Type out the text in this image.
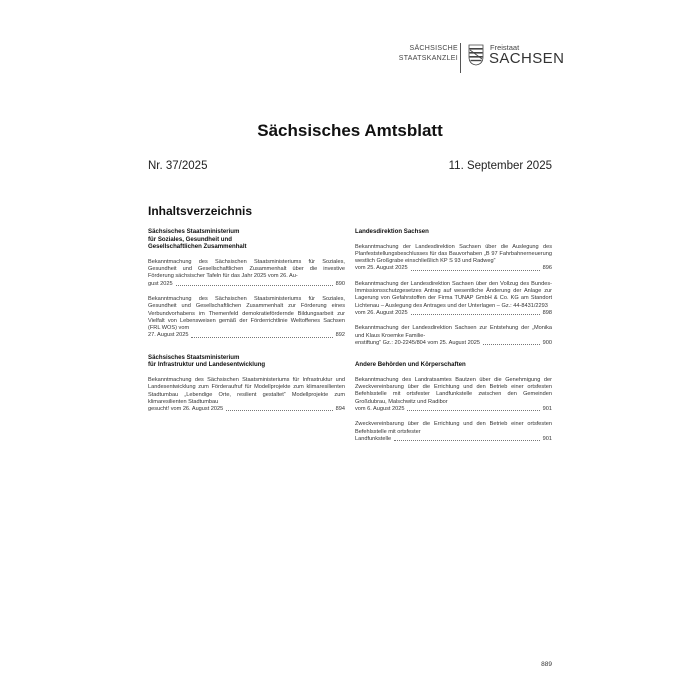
SÄCHSISCHE
STAATSKANZLEI
Freistaat
SACHSEN
Sächsisches Amtsblatt
Nr. 37/2025	11. September 2025
Inhaltsverzeichnis
Sächsisches Staatsministerium
für Soziales, Gesundheit und
Gesellschaftlichen Zusammenhalt
Bekanntmachung des Sächsischen Staatsministeriums für Soziales, Gesundheit und Gesellschaftlichen Zusammenhalt über die investive Förderung sächsischer Tafeln für das Jahr 2025 vom 26. Au-
gust 2025	890
Bekanntmachung des Sächsischen Staatsministeriums für Soziales, Gesundheit und Gesellschaftlichen Zusammenhalt zur Förderung eines Verbundvorhabens im Themenfeld demokratiefördernde Bildungsarbeit zur Vielfalt von Lebensweisen gemäß der Förderrichtlinie Weltoffenes Sachsen (FRL WOS) vom
27. August 2025	892
Sächsisches Staatsministerium
für Infrastruktur und Landesentwicklung
Bekanntmachung des Sächsischen Staatsministeriums für Infrastruktur und Landesentwicklung zum Förderaufruf für Modellprojekte zum klimaresilienten Stadtumbau „Lebendige Orte, resilient gestaltet“ Modellprojekte zum klimaresilienten Stadtumbau
gesucht! vom 26. August 2025	894
Landesdirektion Sachsen
Bekanntmachung der Landesdirektion Sachsen über die Auslegung des Planfeststellungsbeschlusses für das Bauvorhaben „B 97 Fahrbahnerneuerung westlich Großgrabe einschließlich KP S 93 und Radweg“
vom 25. August 2025	896
Bekanntmachung der Landesdirektion Sachsen über den Vollzug des Bundes-Immissionsschutzgesetzes Antrag auf wesentliche Änderung der Anlage zur Lagerung von Gefahrstoffen der Firma TUNAP GmbH & Co. KG am Standort Lichtenau – Auslegung des Antrages und der Unterlagen – Gz.: 44-8431/2293
vom 26. August 2025	898
Bekanntmachung der Landesdirektion Sachsen zur Entstehung der „Monika und Klaus Kroemke Familie-
enstiftung“ Gz.: 20-2245/804 vom 25. August 2025	900
Andere Behörden und Körperschaften
Bekanntmachung des Landratsamtes Bautzen über die Genehmigung der Zweckvereinbarung über die Errichtung und den Betrieb einer ortsfesten Befehlsstelle mit ortsfester Landfunkstelle zwischen den Gemeinden Großdubrau, Malschwitz und Radibor
vom 6. August 2025	901
Zweckvereinbarung über die Errichtung und den Betrieb einer ortsfesten Befehlsstelle mit ortsfester
Landfunkstelle	901
889
